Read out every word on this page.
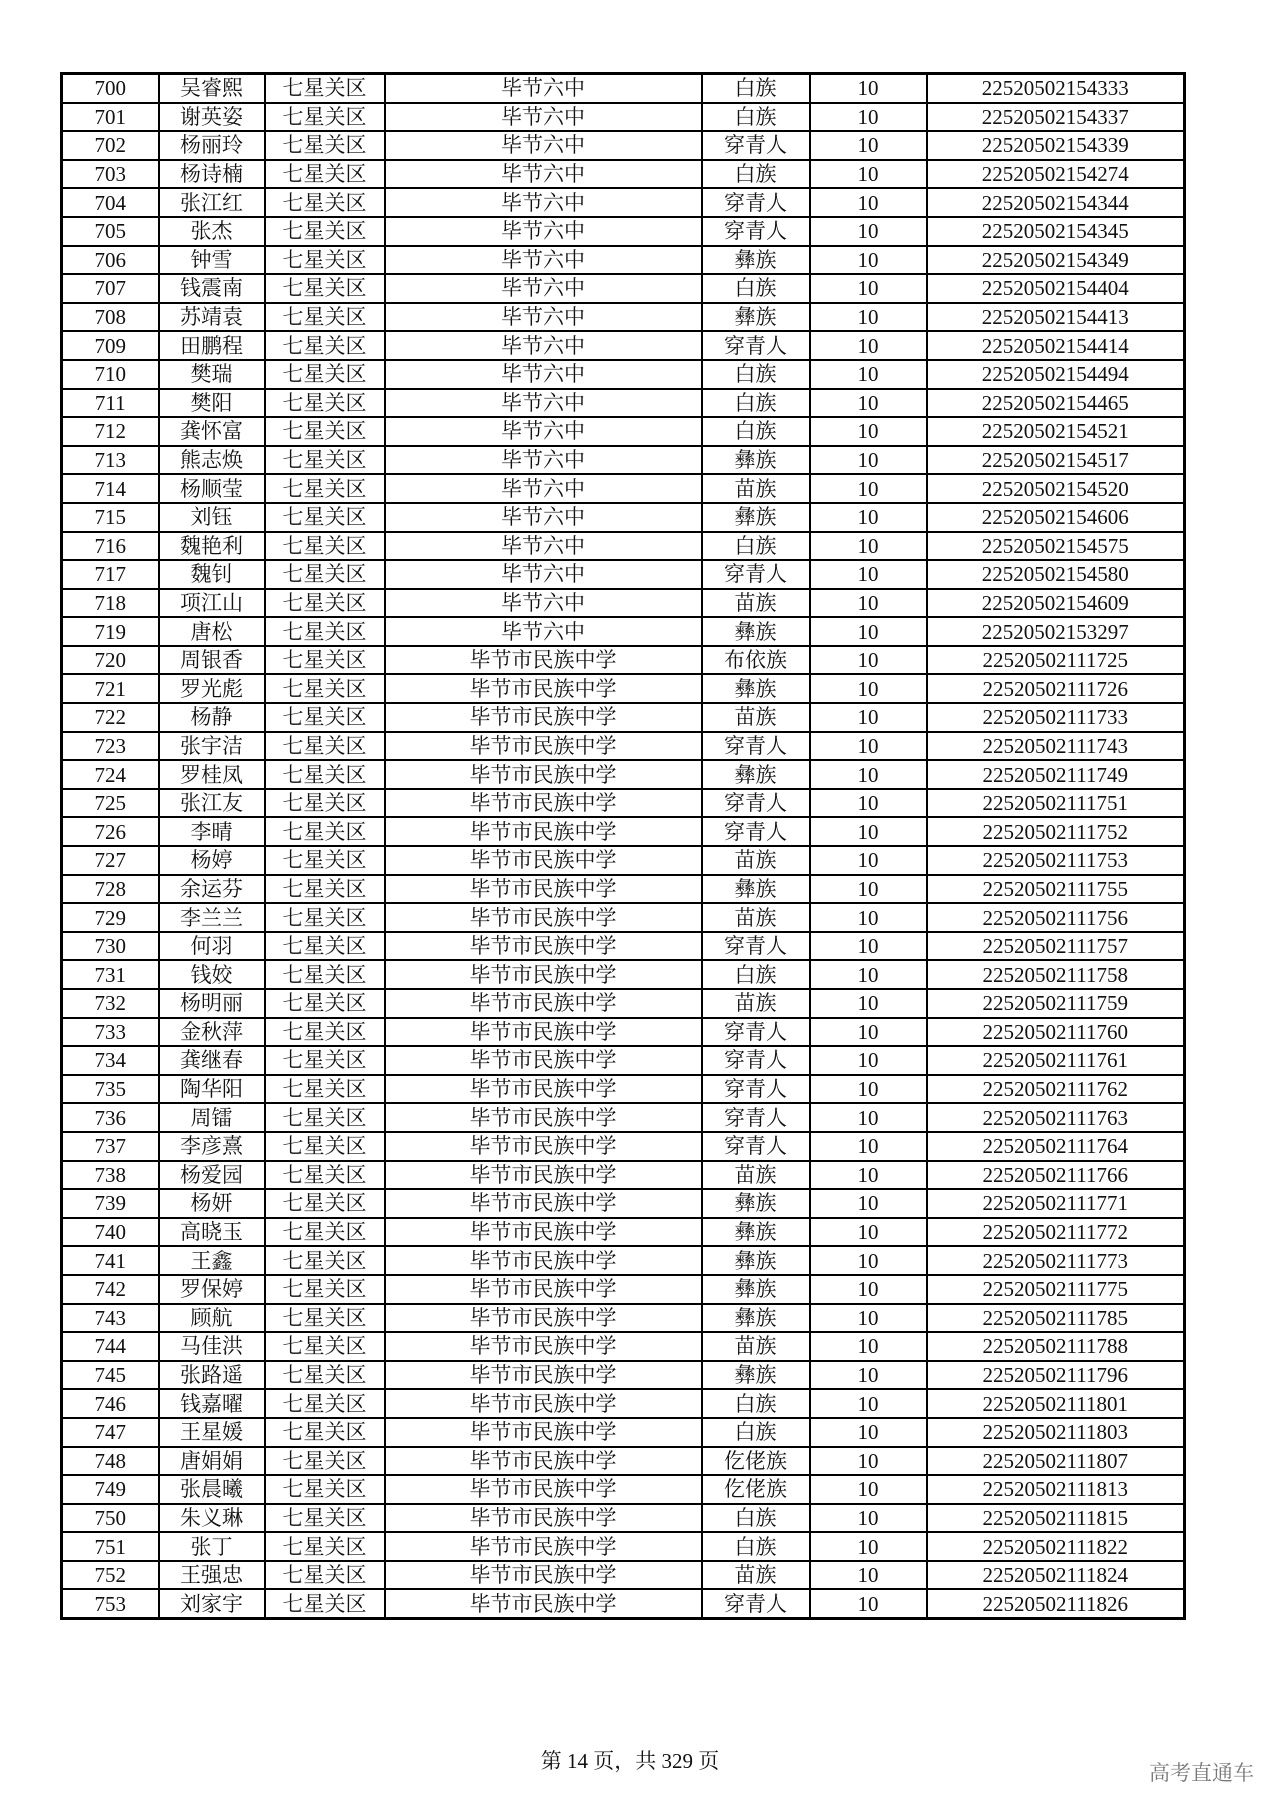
700	吴睿熙	七星关区	毕节六中	白族	10	22520502154333
701	谢英姿	七星关区	毕节六中	白族	10	22520502154337
702	杨丽玲	七星关区	毕节六中	穿青人	10	22520502154339
703	杨诗楠	七星关区	毕节六中	白族	10	22520502154274
704	张江红	七星关区	毕节六中	穿青人	10	22520502154344
705	张杰	七星关区	毕节六中	穿青人	10	22520502154345
706	钟雪	七星关区	毕节六中	彝族	10	22520502154349
707	钱震南	七星关区	毕节六中	白族	10	22520502154404
708	苏靖袁	七星关区	毕节六中	彝族	10	22520502154413
709	田鹏程	七星关区	毕节六中	穿青人	10	22520502154414
710	樊瑞	七星关区	毕节六中	白族	10	22520502154494
711	樊阳	七星关区	毕节六中	白族	10	22520502154465
712	龚怀富	七星关区	毕节六中	白族	10	22520502154521
713	熊志焕	七星关区	毕节六中	彝族	10	22520502154517
714	杨顺莹	七星关区	毕节六中	苗族	10	22520502154520
715	刘钰	七星关区	毕节六中	彝族	10	22520502154606
716	魏艳利	七星关区	毕节六中	白族	10	22520502154575
717	魏钊	七星关区	毕节六中	穿青人	10	22520502154580
718	项江山	七星关区	毕节六中	苗族	10	22520502154609
719	唐松	七星关区	毕节六中	彝族	10	22520502153297
720	周银香	七星关区	毕节市民族中学	布依族	10	22520502111725
721	罗光彪	七星关区	毕节市民族中学	彝族	10	22520502111726
722	杨静	七星关区	毕节市民族中学	苗族	10	22520502111733
723	张宇洁	七星关区	毕节市民族中学	穿青人	10	22520502111743
724	罗桂凤	七星关区	毕节市民族中学	彝族	10	22520502111749
725	张江友	七星关区	毕节市民族中学	穿青人	10	22520502111751
726	李晴	七星关区	毕节市民族中学	穿青人	10	22520502111752
727	杨婷	七星关区	毕节市民族中学	苗族	10	22520502111753
728	余运芬	七星关区	毕节市民族中学	彝族	10	22520502111755
729	李兰兰	七星关区	毕节市民族中学	苗族	10	22520502111756
730	何羽	七星关区	毕节市民族中学	穿青人	10	22520502111757
731	钱姣	七星关区	毕节市民族中学	白族	10	22520502111758
732	杨明丽	七星关区	毕节市民族中学	苗族	10	22520502111759
733	金秋萍	七星关区	毕节市民族中学	穿青人	10	22520502111760
734	龚继春	七星关区	毕节市民族中学	穿青人	10	22520502111761
735	陶华阳	七星关区	毕节市民族中学	穿青人	10	22520502111762
736	周镭	七星关区	毕节市民族中学	穿青人	10	22520502111763
737	李彦熹	七星关区	毕节市民族中学	穿青人	10	22520502111764
738	杨爱园	七星关区	毕节市民族中学	苗族	10	22520502111766
739	杨妍	七星关区	毕节市民族中学	彝族	10	22520502111771
740	高晓玉	七星关区	毕节市民族中学	彝族	10	22520502111772
741	王鑫	七星关区	毕节市民族中学	彝族	10	22520502111773
742	罗保婷	七星关区	毕节市民族中学	彝族	10	22520502111775
743	顾航	七星关区	毕节市民族中学	彝族	10	22520502111785
744	马佳洪	七星关区	毕节市民族中学	苗族	10	22520502111788
745	张路遥	七星关区	毕节市民族中学	彝族	10	22520502111796
746	钱嘉曜	七星关区	毕节市民族中学	白族	10	22520502111801
747	王星媛	七星关区	毕节市民族中学	白族	10	22520502111803
748	唐娟娟	七星关区	毕节市民族中学	仡佬族	10	22520502111807
749	张晨曦	七星关区	毕节市民族中学	仡佬族	10	22520502111813
750	朱义琳	七星关区	毕节市民族中学	白族	10	22520502111815
751	张丁	七星关区	毕节市民族中学	白族	10	22520502111822
752	王强忠	七星关区	毕节市民族中学	苗族	10	22520502111824
753	刘家宇	七星关区	毕节市民族中学	穿青人	10	22520502111826
第 14 页，共 329 页	高考直通车
